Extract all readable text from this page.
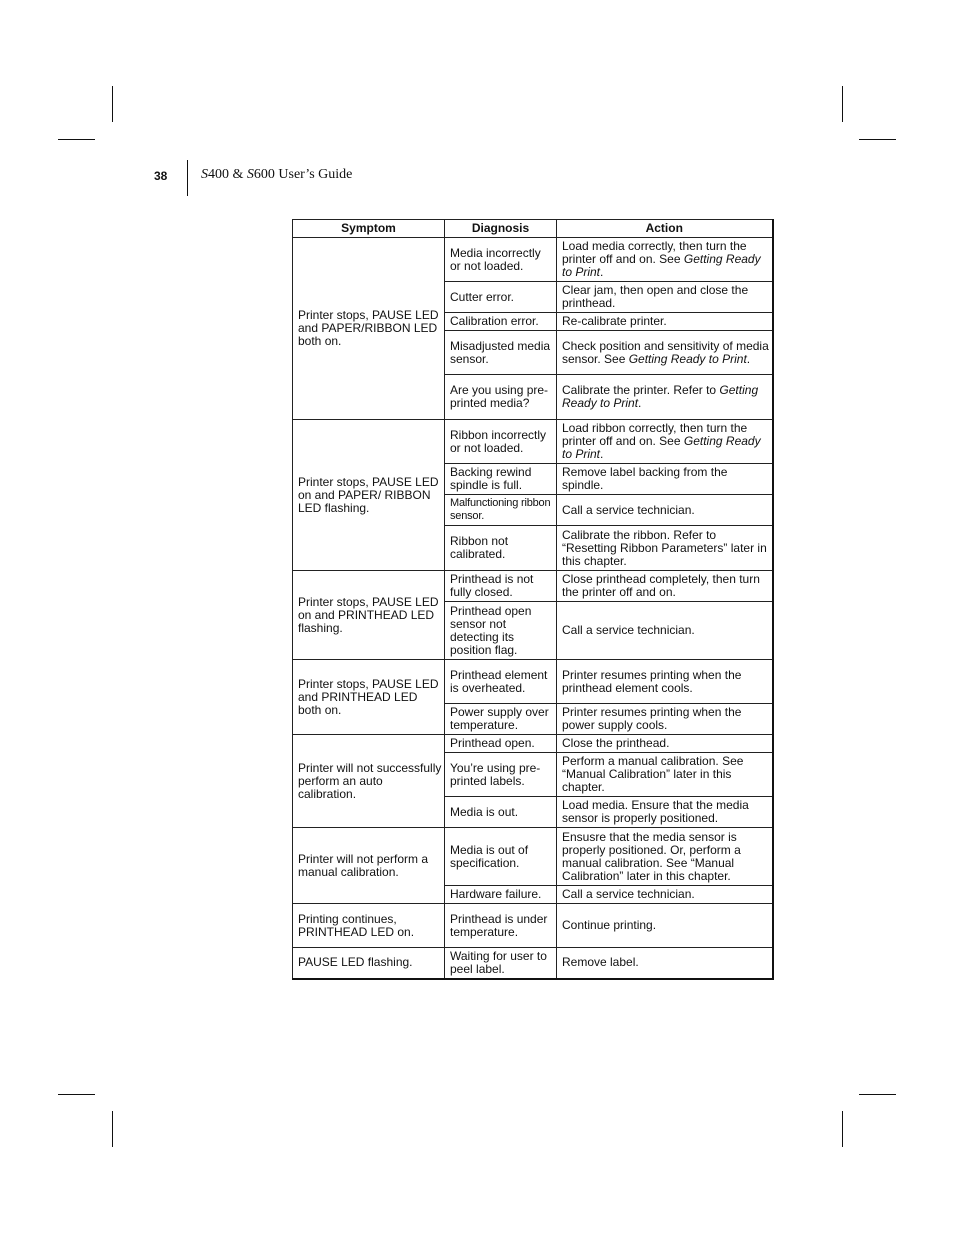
38 S400 & S600 User’s Guide
Symptom	Diagnosis	Action
Printer stops, PAUSE LED and PAPER/RIBBON LED both on.	Media incorrectly or not loaded.	Load media correctly, then turn the printer off and on. See Getting Ready to Print.
	Cutter error.	Clear jam, then open and close the printhead.
	Calibration error.	Re-calibrate printer.
	Misadjusted media sensor.	Check position and sensitivity of media sensor. See Getting Ready to Print.
	Are you using pre-printed media?	Calibrate the printer. Refer to Getting Ready to Print.
Printer stops, PAUSE LED on and PAPER/ RIBBON LED flashing.	Ribbon incorrectly or not loaded.	Load ribbon correctly, then turn the printer off and on. See Getting Ready to Print.
	Backing rewind spindle is full.	Remove label backing from the spindle.
	Malfunctioning ribbon sensor.	Call a service technician.
	Ribbon not calibrated.	Calibrate the ribbon. Refer to “Resetting Ribbon Parameters” later in this chapter.
Printer stops, PAUSE LED on and PRINTHEAD LED flashing.	Printhead is not fully closed.	Close printhead completely, then turn the printer off and on.
	Printhead open sensor not detecting its position flag.	Call a service technician.
Printer stops, PAUSE LED and PRINTHEAD LED both on.	Printhead element is overheated.	Printer resumes printing when the printhead element cools.
	Power supply over temperature.	Printer resumes printing when the power supply cools.
Printer will not successfully perform an auto calibration.	Printhead open.	Close the printhead.
	You’re using pre-printed labels.	Perform a manual calibration. See “Manual Calibration” later in this chapter.
	Media is out.	Load media. Ensure that the media sensor is properly positioned.
Printer will not perform a manual calibration.	Media is out of specification.	Ensusre that the media sensor is properly positioned. Or, perform a manual calibration. See “Manual Calibration” later in this chapter.
	Hardware failure.	Call a service technician.
Printing continues, PRINTHEAD LED on.	Printhead is under temperature.	Continue printing.
PAUSE LED flashing.	Waiting for user to peel label.	Remove label.
